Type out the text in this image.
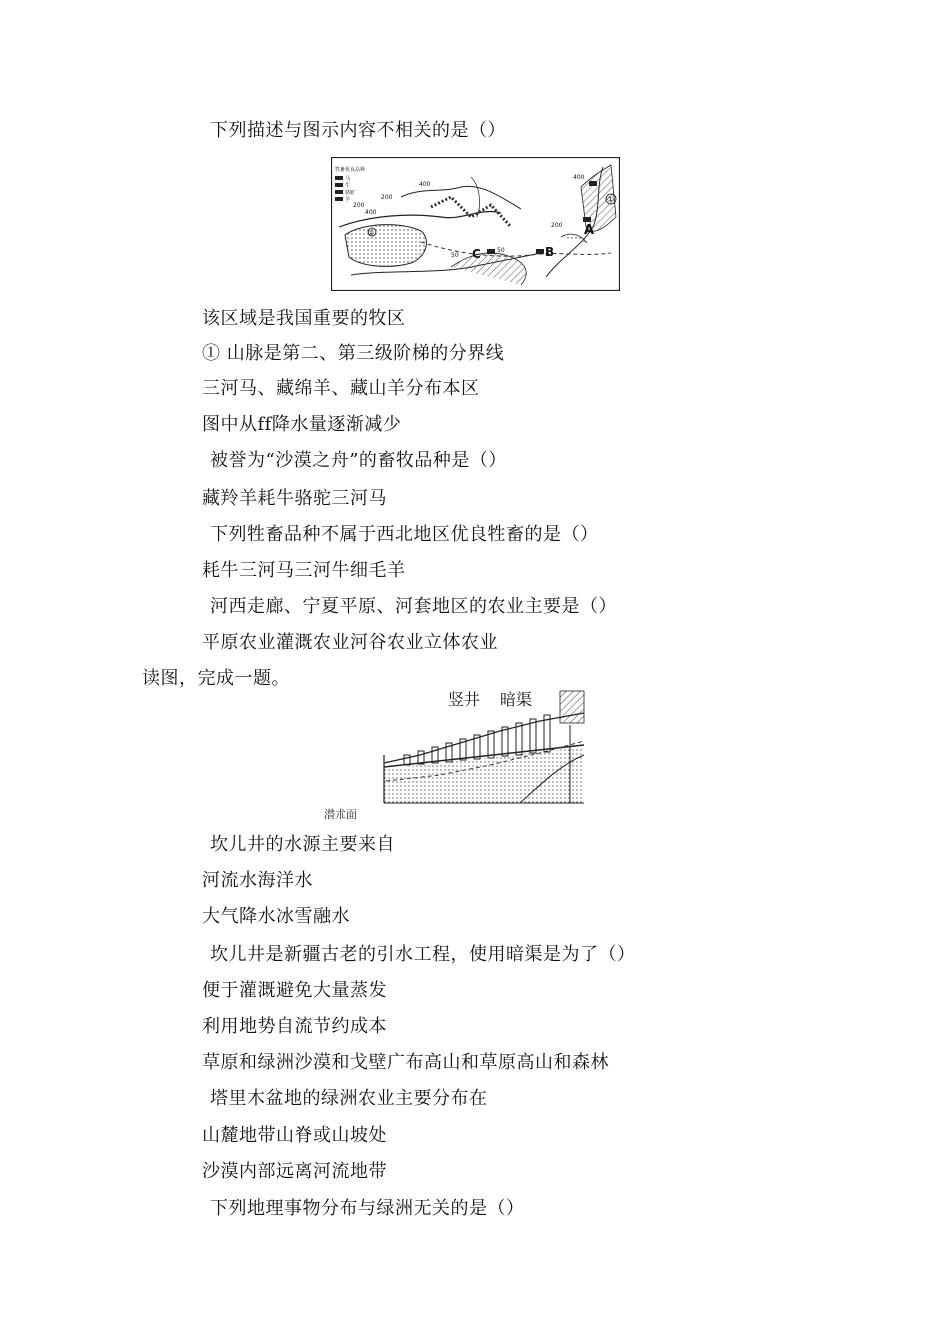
下列描述与图示内容不相关的是（）
该区域是我国重要的牧区
① 山脉是第二、第三级阶梯的分界线
三河马、藏绵羊、藏山羊分布本区
图中从ff降水量逐渐减少
被誉为“沙漠之舟”的畜牧品种是（）
藏羚羊耗牛骆驼三河马
下列牲畜品种不属于西北地区优良牲畜的是（）
耗牛三河马三河牛细毛羊
河西走廊、宁夏平原、河套地区的农业主要是（）
平原农业灌溉农业河谷农业立体农业
读图，完成一题。
坎儿井的水源主要来自
河流水海洋水
大气降水冰雪融水
坎儿井是新疆古老的引水工程，使用暗渠是为了（）
便于灌溉避免大量蒸发
利用地势自流节约成本
草原和绿洲沙漠和戈壁广布高山和草原高山和森林
塔里木盆地的绿洲农业主要分布在
山麓地带山脊或山坡处
沙漠内部远离河流地带
下列地理事物分布与绿洲无关的是（）
牲畜优良品种
马
牛
骆驼
羊
400
200
200
400
50
50
200
400
A
B
C
①
②
竖井 暗渠
潜朮面
